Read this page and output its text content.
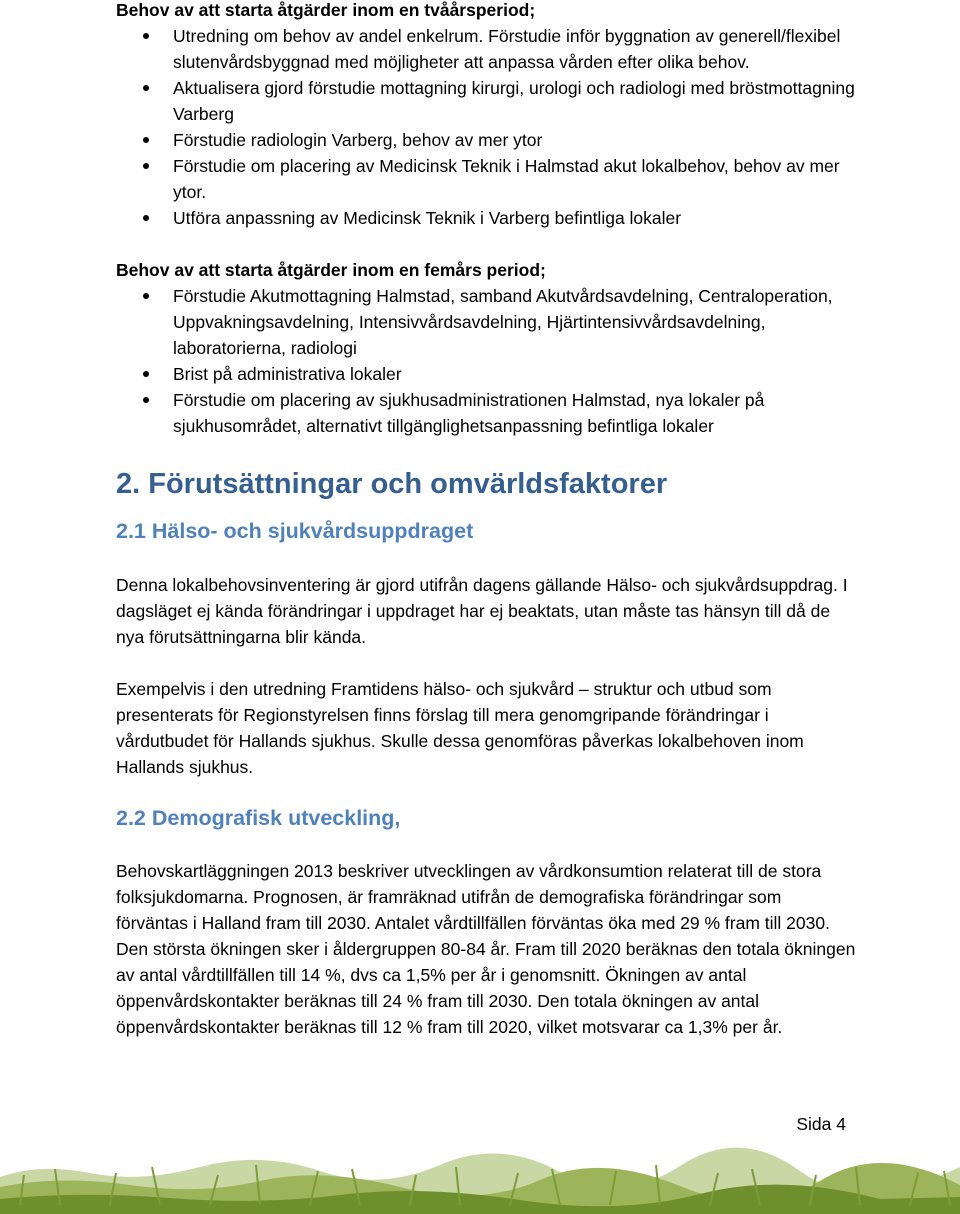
Behov av att starta åtgärder inom en tvåårsperiod;

Utredning om behov av andel enkelrum. Förstudie inför byggnation av generell/flexibel slutenvårdsbyggnad med möjligheter att anpassa vården efter olika behov.
Aktualisera gjord förstudie mottagning kirurgi, urologi och radiologi med bröstmottagning Varberg
Förstudie radiologin Varberg, behov av mer ytor
Förstudie om placering av Medicinsk Teknik i Halmstad akut lokalbehov, behov av mer ytor.
Utföra anpassning av Medicinsk Teknik i Varberg befintliga lokaler

Behov av att starta åtgärder inom en femårs period;

Förstudie Akutmottagning Halmstad, samband Akutvårdsavdelning, Centraloperation, Uppvakningsavdelning, Intensivvårdsavdelning, Hjärtintensivvårdsavdelning, laboratorierna, radiologi
Brist på administrativa lokaler
Förstudie om placering av sjukhusadministrationen Halmstad, nya lokaler på sjukhusområdet, alternativt tillgänglighetsanpassning befintliga lokaler
2. Förutsättningar och omvärldsfaktorer
2.1 Hälso- och sjukvårdsuppdraget

Denna lokalbehovsinventering är gjord utifrån dagens gällande Hälso- och sjukvårdsuppdrag. I dagsläget ej kända förändringar i uppdraget har ej beaktats, utan måste tas hänsyn till då de nya förutsättningarna blir kända.

Exempelvis i den utredning Framtidens hälso- och sjukvård – struktur och utbud som presenterats för Regionstyrelsen finns förslag till mera genomgripande förändringar i vårdutbudet för Hallands sjukhus. Skulle dessa genomföras påverkas lokalbehoven inom Hallands sjukhus.

2.2 Demografisk utveckling,

Behovskartläggningen 2013 beskriver utvecklingen av vårdkonsumtion relaterat till de stora folksjukdomarna. Prognosen, är framräknad utifrån de demografiska förändringar som förväntas i Halland fram till 2030. Antalet vårdtillfällen förväntas öka med 29 % fram till 2030. Den största ökningen sker i åldergruppen 80-84 år. Fram till 2020 beräknas den totala ökningen av antal vårdtillfällen till 14 %, dvs ca 1,5% per år i genomsnitt. Ökningen av antal öppenvårdskontakter beräknas till 24 % fram till 2030. Den totala ökningen av antal öppenvårdskontakter beräknas till 12 % fram till 2020, vilket motsvarar ca 1,3% per år.

Sida 4
